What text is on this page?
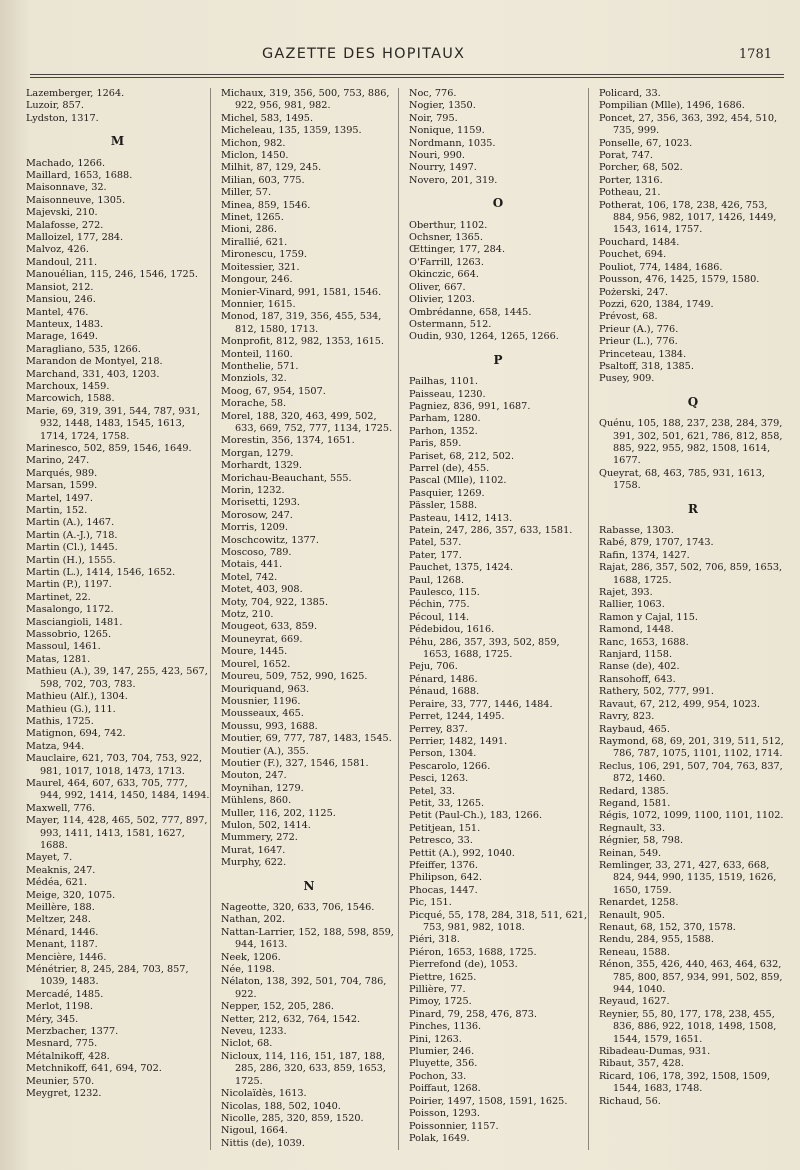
GAZETTE DES HOPITAUX	1781

Lazemberger, 1264.

Luzoir, 857.

Lydston, 1317.

M

Machado, 1266.

Maillard, 1653, 1688.

Maisonnave, 32.

Maisonneuve, 1305.

Majevski, 210.

Malafosse, 272.

Malloizel, 177, 284.

Malvoz, 426.

Mandoul, 211.

Manouélian, 115, 246, 1546, 1725.

Mansiot, 212.

Mansiou, 246.

Mantel, 476.

Manteux, 1483.

Marage, 1649.

Maragliano, 535, 1266.

Marandon de Montyel, 218.

Marchand, 331, 403, 1203.

Marchoux, 1459.

Marcowich, 1588.

Marie, 69, 319, 391, 544, 787, 931, 932, 1448, 1483, 1545, 1613, 1714, 1724, 1758.

Marinesco, 502, 859, 1546, 1649.

Marino, 247.

Marqués, 989.

Marsan, 1599.

Martel, 1497.

Martin, 152.

Martin (A.), 1467.

Martin (A.-J.), 718.

Martin (Cl.), 1445.

Martin (H.), 1555.

Martin (L.), 1414, 1546, 1652.

Martin (P.), 1197.

Martinet, 22.

Masalongo, 1172.

Masciangioli, 1481.

Massobrio, 1265.

Massoul, 1461.

Matas, 1281.

Mathieu (A.), 39, 147, 255, 423, 567, 598, 702, 703, 783.

Mathieu (Alf.), 1304.

Mathieu (G.), 111.

Mathis, 1725.

Matignon, 694, 742.

Matza, 944.

Mauclaire, 621, 703, 704, 753, 922, 981, 1017, 1018, 1473, 1713.

Maurel, 464, 607, 633, 705, 777, 944, 992, 1414, 1450, 1484, 1494.

Maxwell, 776.

Mayer, 114, 428, 465, 502, 777, 897, 993, 1411, 1413, 1581, 1627, 1688.

Mayet, 7.

Meaknis, 247.

Médéa, 621.

Meige, 320, 1075.

Meillère, 188.

Meltzer, 248.

Ménard, 1446.

Menant, 1187.

Mencière, 1446.

Ménétrier, 8, 245, 284, 703, 857, 1039, 1483.

Mercadé, 1485.

Merlot, 1198.

Méry, 345.

Merzbacher, 1377.

Mesnard, 775.

Métalnikoff, 428.

Metchnikoff, 641, 694, 702.

Meunier, 570.

Meygret, 1232.

Michaux, 319, 356, 500, 753, 886, 922, 956, 981, 982.

Michel, 583, 1495.

Micheleau, 135, 1359, 1395.

Michon, 982.

Miclon, 1450.

Milhit, 87, 129, 245.

Milian, 603, 775.

Miller, 57.

Minea, 859, 1546.

Minet, 1265.

Mioni, 286.

Mirallié, 621.

Mironescu, 1759.

Moitessier, 321.

Mongour, 246.

Monier-Vinard, 991, 1581, 1546.

Monnier, 1615.

Monod, 187, 319, 356, 455, 534, 812, 1580, 1713.

Monprofit, 812, 982, 1353, 1615.

Monteil, 1160.

Monthelie, 571.

Monziols, 32.

Moog, 67, 954, 1507.

Morache, 58.

Morel, 188, 320, 463, 499, 502, 633, 669, 752, 777, 1134, 1725.

Morestin, 356, 1374, 1651.

Morgan, 1279.

Morhardt, 1329.

Morichau-Beauchant, 555.

Morin, 1232.

Morisetti, 1293.

Morosow, 247.

Morris, 1209.

Moschcowitz, 1377.

Moscoso, 789.

Motais, 441.

Motel, 742.

Motet, 403, 908.

Moty, 704, 922, 1385.

Motz, 210.

Mougeot, 633, 859.

Mouneyrat, 669.

Moure, 1445.

Mourel, 1652.

Moureu, 509, 752, 990, 1625.

Mouriquand, 963.

Mousnier, 1196.

Mousseaux, 465.

Moussu, 993, 1688.

Moutier, 69, 777, 787, 1483, 1545.

Moutier (A.), 355.

Moutier (F.), 327, 1546, 1581.

Mouton, 247.

Moynihan, 1279.

Mühlens, 860.

Muller, 116, 202, 1125.

Mulon, 502, 1414.

Mummery, 272.

Murat, 1647.

Murphy, 622.

N

Nageotte, 320, 633, 706, 1546.

Nathan, 202.

Nattan-Larrier, 152, 188, 598, 859, 944, 1613.

Neek, 1206.

Née, 1198.

Nélaton, 138, 392, 501, 704, 786, 922.

Nepper, 152, 205, 286.

Netter, 212, 632, 764, 1542.

Neveu, 1233.

Niclot, 68.

Nicloux, 114, 116, 151, 187, 188, 285, 286, 320, 633, 859, 1653, 1725.

Nicolaïdès, 1613.

Nicolas, 188, 502, 1040.

Nicolle, 285, 320, 859, 1520.

Nigoul, 1664.

Nittis (de), 1039.

Noc, 776.

Nogier, 1350.

Noir, 795.

Nonique, 1159.

Nordmann, 1035.

Nouri, 990.

Nourry, 1497.

Novero, 201, 319.

O

Oberthur, 1102.

Ochsner, 1365.

Œttinger, 177, 284.

O'Farrill, 1263.

Okinczic, 664.

Oliver, 667.

Olivier, 1203.

Ombrédanne, 658, 1445.

Ostermann, 512.

Oudin, 930, 1264, 1265, 1266.

P

Pailhas, 1101.

Paisseau, 1230.

Pagniez, 836, 991, 1687.

Parham, 1280.

Parhon, 1352.

Paris, 859.

Pariset, 68, 212, 502.

Parrel (de), 455.

Pascal (Mlle), 1102.

Pasquier, 1269.

Pässler, 1588.

Pasteau, 1412, 1413.

Patein, 247, 286, 357, 633, 1581.

Patel, 537.

Pater, 177.

Pauchet, 1375, 1424.

Paul, 1268.

Paulesco, 115.

Péchin, 775.

Pécoul, 114.

Pédebidou, 1616.

Péhu, 286, 357, 393, 502, 859, 1653, 1688, 1725.

Peju, 706.

Pénard, 1486.

Pénaud, 1688.

Peraire, 33, 777, 1446, 1484.

Perret, 1244, 1495.

Perrey, 837.

Perrier, 1482, 1491.

Person, 1304.

Pescarolo, 1266.

Pesci, 1263.

Petel, 33.

Petit, 33, 1265.

Petit (Paul-Ch.), 183, 1266.

Petitjean, 151.

Petresco, 33.

Pettit (A.), 992, 1040.

Pfeiffer, 1376.

Philipson, 642.

Phocas, 1447.

Pic, 151.

Picqué, 55, 178, 284, 318, 511, 621, 753, 981, 982, 1018.

Piéri, 318.

Piéron, 1653, 1688, 1725.

Pierrefond (de), 1053.

Piettre, 1625.

Pillière, 77.

Pimoy, 1725.

Pinard, 79, 258, 476, 873.

Pinches, 1136.

Pini, 1263.

Plumier, 246.

Pluyette, 356.

Pochon, 33.

Poiffaut, 1268.

Poirier, 1497, 1508, 1591, 1625.

Poisson, 1293.

Poissonnier, 1157.

Polak, 1649.

Policard, 33.

Pompilian (Mlle), 1496, 1686.

Poncet, 27, 356, 363, 392, 454, 510, 735, 999.

Ponselle, 67, 1023.

Porat, 747.

Porcher, 68, 502.

Porter, 1316.

Potheau, 21.

Potherat, 106, 178, 238, 426, 753, 884, 956, 982, 1017, 1426, 1449, 1543, 1614, 1757.

Pouchard, 1484.

Pouchet, 694.

Pouliot, 774, 1484, 1686.

Pousson, 476, 1425, 1579, 1580.

Pożerski, 247.

Pozzi, 620, 1384, 1749.

Prévost, 68.

Prieur (A.), 776.

Prieur (L.), 776.

Princeteau, 1384.

Psaltoff, 318, 1385.

Pusey, 909.

Q

Quénu, 105, 188, 237, 238, 284, 379, 391, 302, 501, 621, 786, 812, 858, 885, 922, 955, 982, 1508, 1614, 1677.

Queyrat, 68, 463, 785, 931, 1613, 1758.

R

Rabasse, 1303.

Rabé, 879, 1707, 1743.

Rafin, 1374, 1427.

Rajat, 286, 357, 502, 706, 859, 1653, 1688, 1725.

Rajet, 393.

Rallier, 1063.

Ramon y Cajal, 115.

Ramond, 1448.

Ranc, 1653, 1688.

Ranjard, 1158.

Ranse (de), 402.

Ransohoff, 643.

Rathery, 502, 777, 991.

Ravaut, 67, 212, 499, 954, 1023.

Ravry, 823.

Raybaud, 465.

Raymond, 68, 69, 201, 319, 511, 512, 786, 787, 1075, 1101, 1102, 1714.

Reclus, 106, 291, 507, 704, 763, 837, 872, 1460.

Redard, 1385.

Regand, 1581.

Régis, 1072, 1099, 1100, 1101, 1102.

Regnault, 33.

Régnier, 58, 798.

Reinan, 549.

Remlinger, 33, 271, 427, 633, 668, 824, 944, 990, 1135, 1519, 1626, 1650, 1759.

Renardet, 1258.

Renault, 905.

Renaut, 68, 152, 370, 1578.

Rendu, 284, 955, 1588.

Reneau, 1588.

Rénon, 355, 426, 440, 463, 464, 632, 785, 800, 857, 934, 991, 502, 859, 944, 1040.

Reyaud, 1627.

Reynier, 55, 80, 177, 178, 238, 455, 836, 886, 922, 1018, 1498, 1508, 1544, 1579, 1651.

Ribadeau-Dumas, 931.

Ribaut, 357, 428.

Ricard, 106, 178, 392, 1508, 1509, 1544, 1683, 1748.

Richaud, 56.
